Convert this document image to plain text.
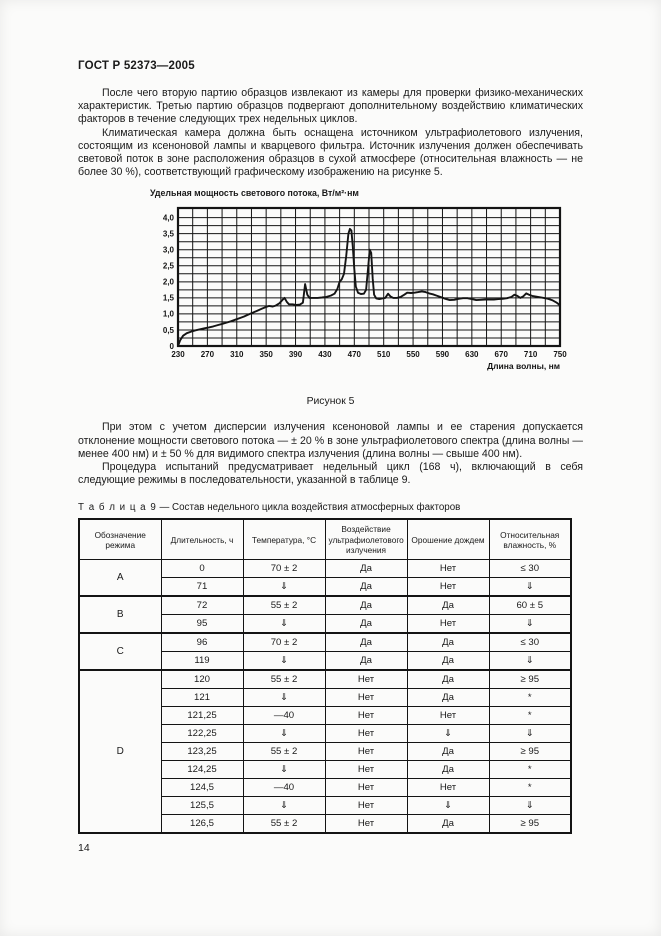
ГОСТ Р 52373—2005

После чего вторую партию образцов извлекают из камеры для проверки физико-механических характеристик. Третью партию образцов подвергают дополнительному воздействию климатических факторов в течение следующих трех недельных циклов.

Климатическая камера должна быть оснащена источником ультрафиолетового излучения, состоящим из ксеноновой лампы и кварцевого фильтра. Источник излучения должен обеспечивать световой поток в зоне расположения образцов в сухой атмосфере (относительная влажность — не более 30 %), соответствующий графическому изображению на рисунке 5.

Удельная мощность светового потока, Вт/м²·нм
0
0,5
1,0
1,5
2,0
2,5
3,0
3,5
4,0
230 270 310 350 390 430 470 510 550 590 630 670 710 750
Длина волны, нм
Рисунок 5

При этом с учетом дисперсии излучения ксеноновой лампы и ее старения допускается отклонение мощности светового потока — ± 20 % в зоне ультрафиолетового спектра (длина волны — менее 400 нм) и ± 50 % для видимого спектра излучения (длина волны — свыше 400 нм).

Процедура испытаний предусматривает недельный цикл (168 ч), включающий в себя следующие режимы в последовательности, указанной в таблице 9.

Т а б л и ц а 9 — Состав недельного цикла воздействия атмосферных факторов
Обозначение режима	Длительность, ч	Температура, °С	Воздействие ультрафиолетового излучения	Орошение дождем	Относительная влажность, %
А	0	70 ± 2	Да	Нет	≤ 30
	71	⇓	Да	Нет	⇓
В	72	55 ± 2	Да	Да	60 ± 5
	95	⇓	Да	Нет	⇓
С	96	70 ± 2	Да	Да	≤ 30
	119	⇓	Да	Да	⇓
D	120	55 ± 2	Нет	Да	≥ 95
	121	⇓	Нет	Да	*
	121,25	—40	Нет	Нет	*
	122,25	⇓	Нет	⇓	⇓
	123,25	55 ± 2	Нет	Да	≥ 95
	124,25	⇓	Нет	Да	*
	124,5	—40	Нет	Нет	*
	125,5	⇓	Нет	⇓	⇓
	126,5	55 ± 2	Нет	Да	≥ 95
14
